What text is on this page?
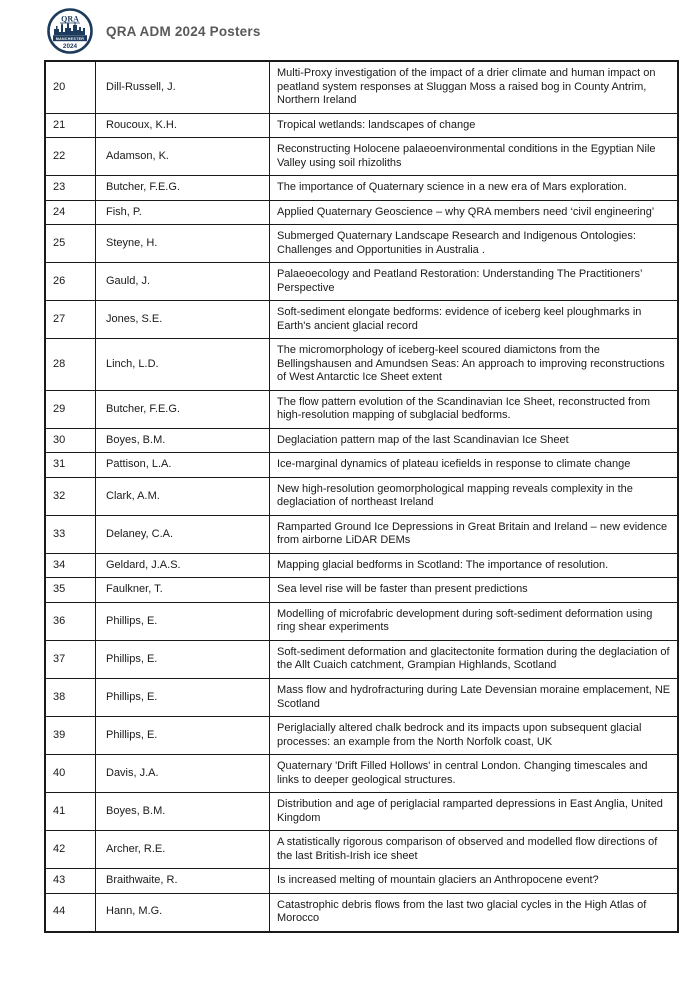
QRA
MANCHESTER
2024
QRA ADM 2024 Posters
20	Dill-Russell, J.	Multi-Proxy investigation of the impact of a drier climate and human impact on peatland system responses at Sluggan Moss a raised bog in County Antrim, Northern Ireland
21	Roucoux, K.H.	Tropical wetlands: landscapes of change
22	Adamson, K.	Reconstructing Holocene palaeoenvironmental conditions in the Egyptian Nile Valley using soil rhizoliths
23	Butcher, F.E.G.	The importance of Quaternary science in a new era of Mars exploration.
24	Fish, P.	Applied Quaternary Geoscience – why QRA members need ‘civil engineering’
25	Steyne, H.	Submerged Quaternary Landscape Research and Indigenous Ontologies: Challenges and Opportunities in Australia .
26	Gauld, J.	Palaeoecology and Peatland Restoration: Understanding The Practitioners’ Perspective
27	Jones, S.E.	Soft-sediment elongate bedforms: evidence of iceberg keel ploughmarks in Earth's ancient glacial record
28	Linch, L.D.	The micromorphology of iceberg-keel scoured diamictons from the Bellingshausen and Amundsen Seas: An approach to improving reconstructions of West Antarctic Ice Sheet extent
29	Butcher, F.E.G.	The flow pattern evolution of the Scandinavian Ice Sheet, reconstructed from high-resolution mapping of subglacial bedforms.
30	Boyes, B.M.	Deglaciation pattern map of the last Scandinavian Ice Sheet
31	Pattison, L.A.	Ice-marginal dynamics of plateau icefields in response to climate change
32	Clark, A.M.	New high-resolution geomorphological mapping reveals complexity in the deglaciation of northeast Ireland
33	Delaney, C.A.	Ramparted Ground Ice Depressions in Great Britain and Ireland – new evidence from airborne LiDAR DEMs
34	Geldard, J.A.S.	Mapping glacial bedforms in Scotland: The importance of resolution.
35	Faulkner, T.	Sea level rise will be faster than present predictions
36	Phillips, E.	Modelling of microfabric development during soft-sediment deformation using ring shear experiments
37	Phillips, E.	Soft-sediment deformation and glacitectonite formation during the deglaciation of the Allt Cuaich catchment, Grampian Highlands, Scotland
38	Phillips, E.	Mass flow and hydrofracturing during Late Devensian moraine emplacement, NE Scotland
39	Phillips, E.	Periglacially altered chalk bedrock and its impacts upon subsequent glacial processes: an example from the North Norfolk coast, UK
40	Davis, J.A.	Quaternary 'Drift Filled Hollows' in central London. Changing timescales and links to deeper geological structures.
41	Boyes, B.M.	Distribution and age of periglacial ramparted depressions in East Anglia, United Kingdom
42	Archer, R.E.	A statistically rigorous comparison of observed and modelled flow directions of the last British-Irish ice sheet
43	Braithwaite, R.	Is increased melting of mountain glaciers an Anthropocene event?
44	Hann, M.G.	Catastrophic debris flows from the last two glacial cycles in the High Atlas of Morocco
